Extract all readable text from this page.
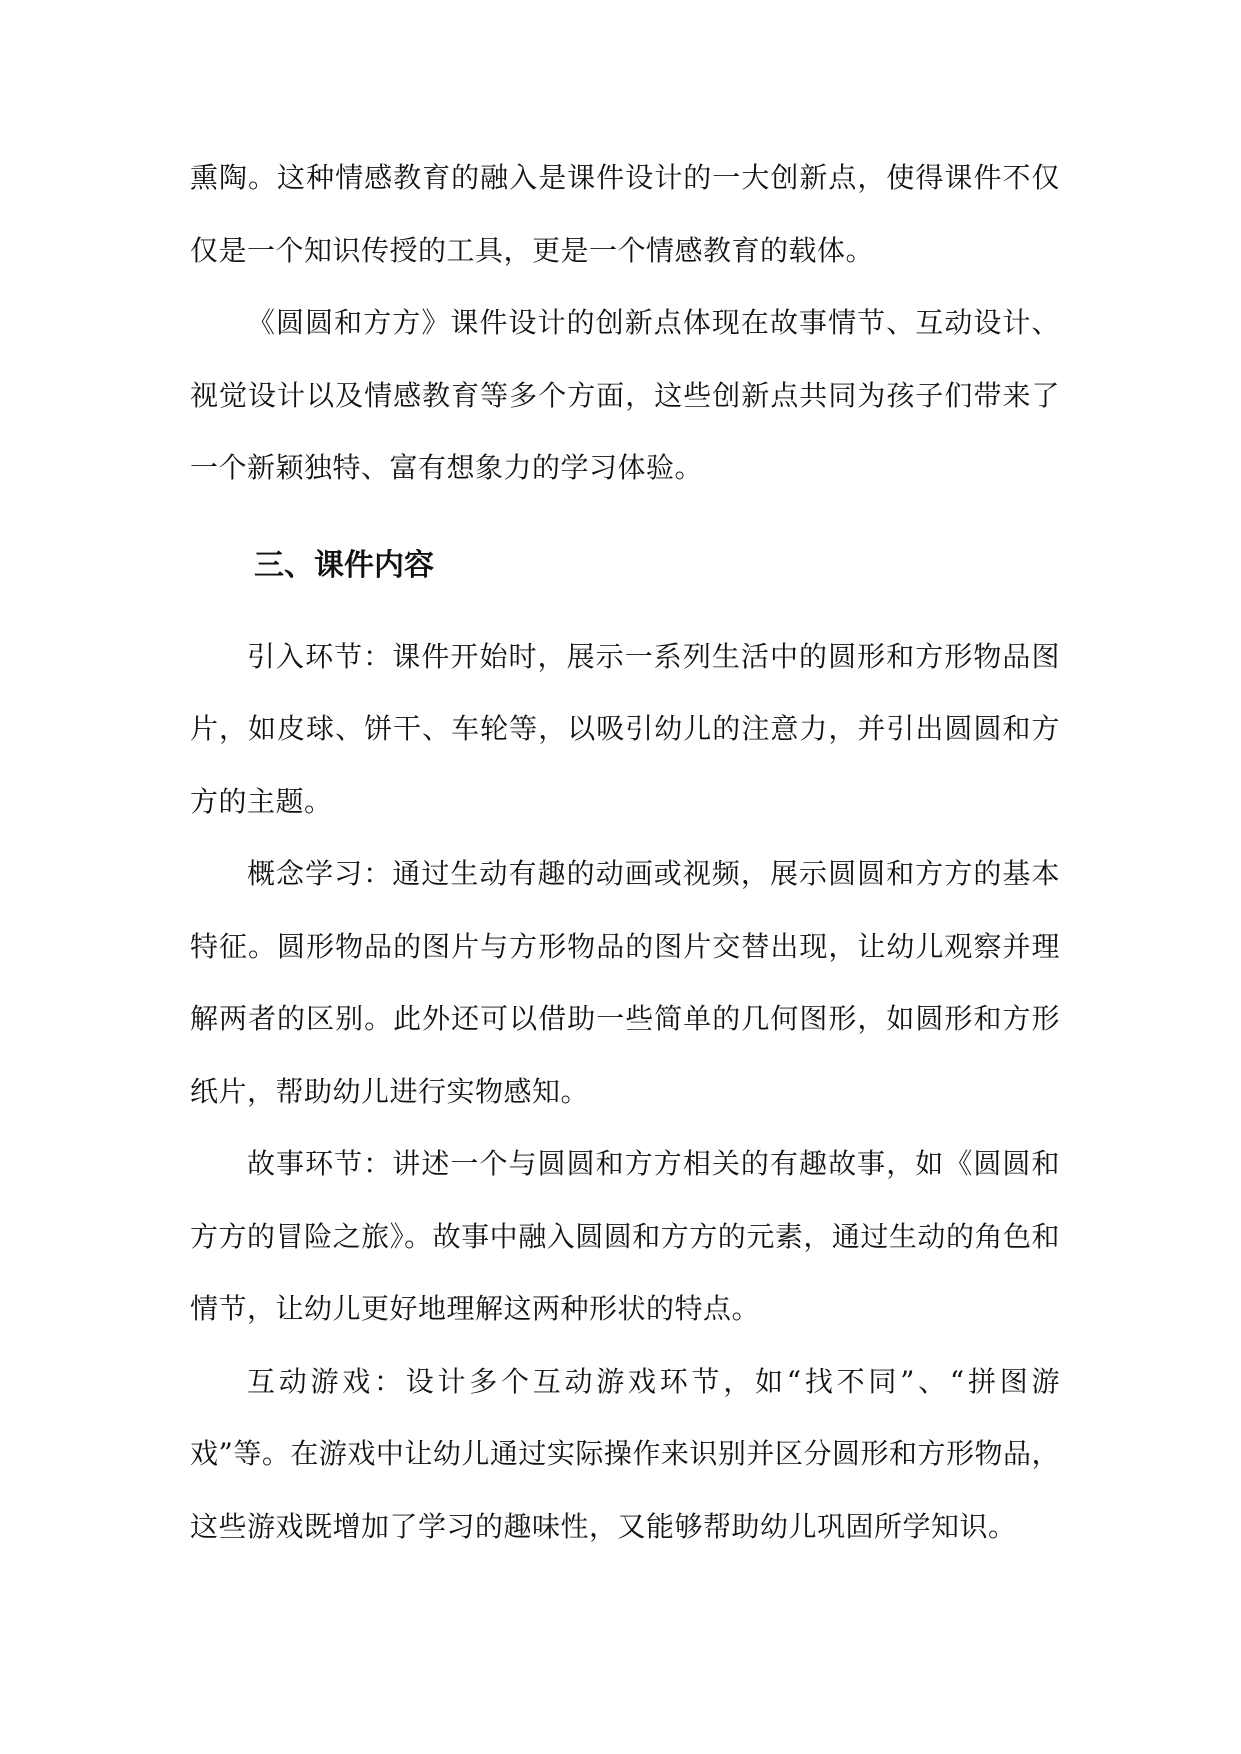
熏陶。这种情感教育的融入是课件设计的一大创新点，使得课件不仅仅是一个知识传授的工具，更是一个情感教育的载体。

《圆圆和方方》课件设计的创新点体现在故事情节、互动设计、视觉设计以及情感教育等多个方面，这些创新点共同为孩子们带来了一个新颖独特、富有想象力的学习体验。

三、课件内容

引入环节：课件开始时，展示一系列生活中的圆形和方形物品图片，如皮球、饼干、车轮等，以吸引幼儿的注意力，并引出圆圆和方方的主题。

概念学习：通过生动有趣的动画或视频，展示圆圆和方方的基本特征。圆形物品的图片与方形物品的图片交替出现，让幼儿观察并理解两者的区别。此外还可以借助一些简单的几何图形，如圆形和方形纸片，帮助幼儿进行实物感知。

故事环节：讲述一个与圆圆和方方相关的有趣故事，如《圆圆和方方的冒险之旅》。故事中融入圆圆和方方的元素，通过生动的角色和情节，让幼儿更好地理解这两种形状的特点。

互动游戏：设计多个互动游戏环节，如“找不同”、“拼图游戏”等。在游戏中让幼儿通过实际操作来识别并区分圆形和方形物品，这些游戏既增加了学习的趣味性，又能够帮助幼儿巩固所学知识。
